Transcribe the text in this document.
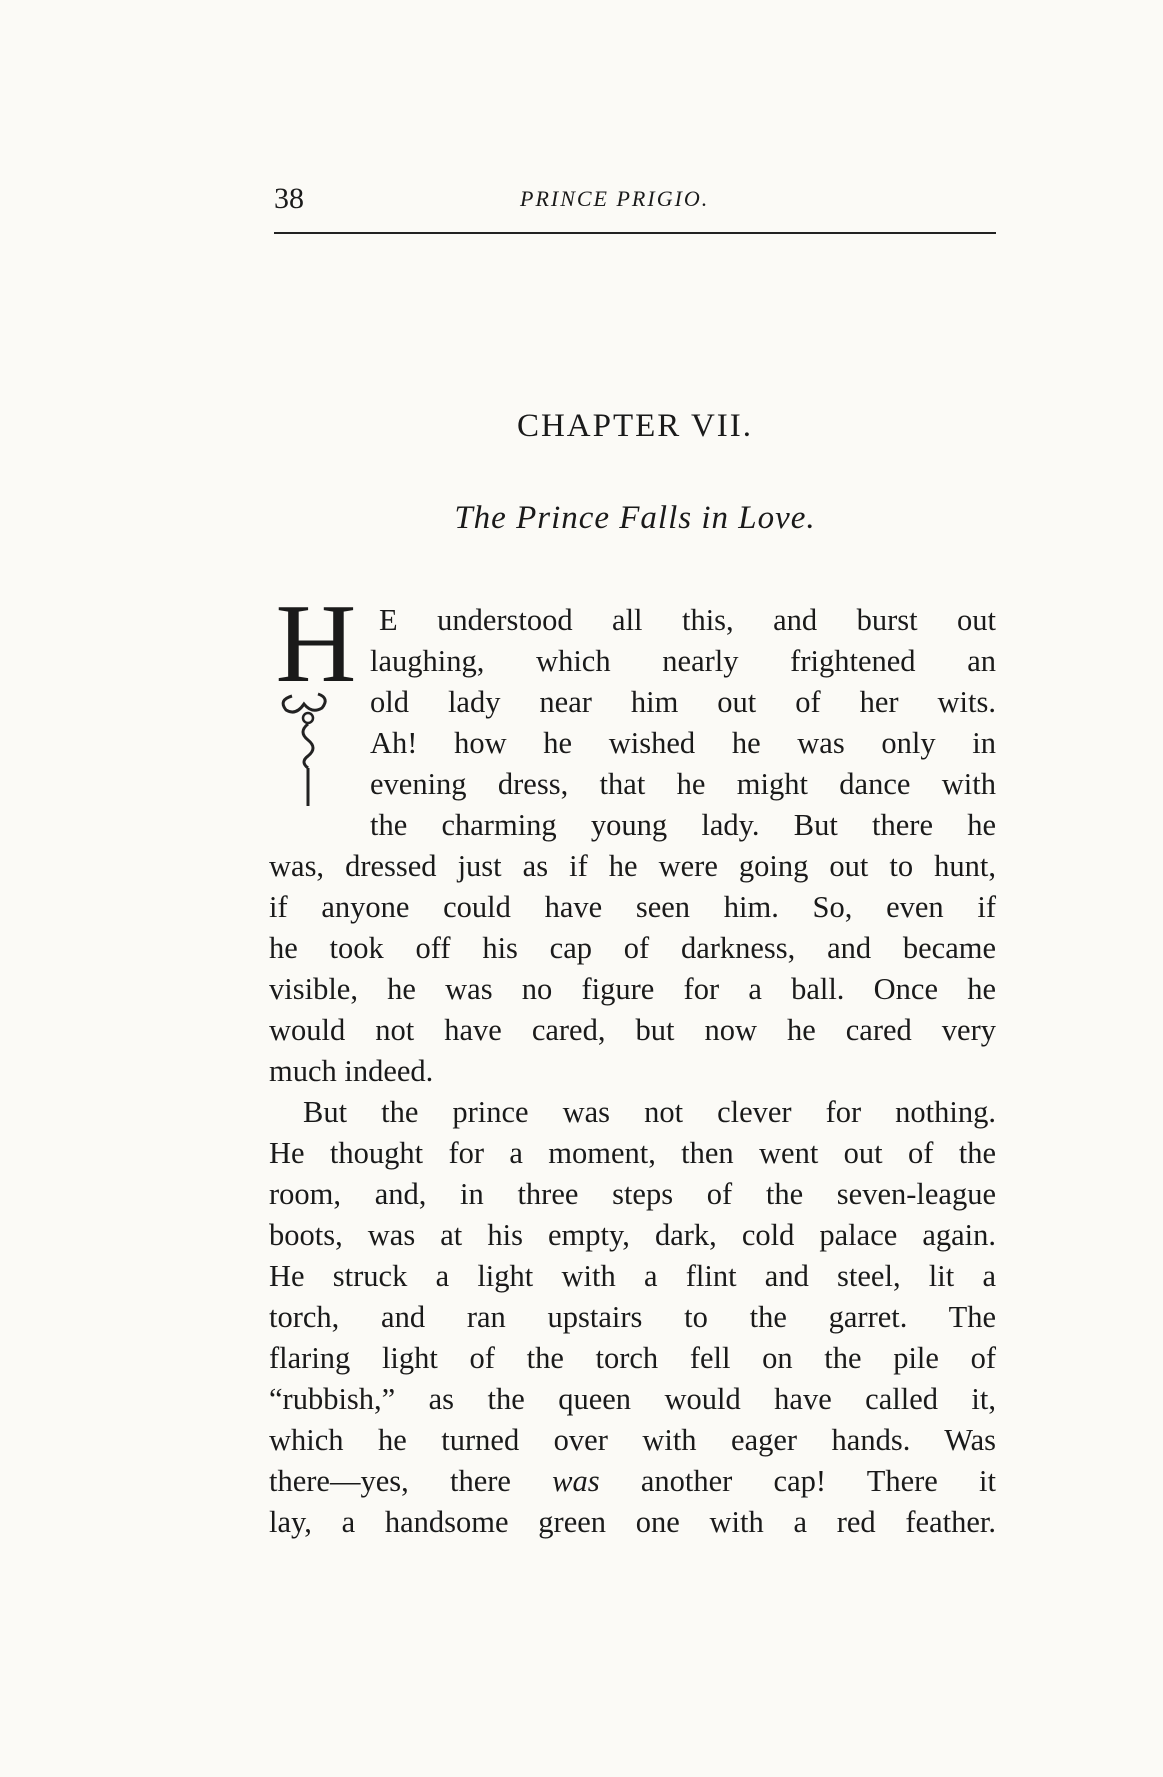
38	PRINCE PRIGIO.
CHAPTER VII.
The Prince Falls in Love.
H E understood all this, and burst out
laughing, which nearly frightened an
old lady near him out of her wits.
Ah! how he wished he was only in
evening dress, that he might dance with
the charming young lady. But there he
was, dressed just as if he were going out to hunt,
if anyone could have seen him. So, even if
he took off his cap of darkness, and became
visible, he was no figure for a ball. Once he
would not have cared, but now he cared very
much indeed.
But the prince was not clever for nothing.
He thought for a moment, then went out of the
room, and, in three steps of the seven-league
boots, was at his empty, dark, cold palace again.
He struck a light with a flint and steel, lit a
torch, and ran upstairs to the garret. The
flaring light of the torch fell on the pile of
“rubbish,” as the queen would have called it,
which he turned over with eager hands. Was
there—yes, there was another cap! There it
lay, a handsome green one with a red feather.
